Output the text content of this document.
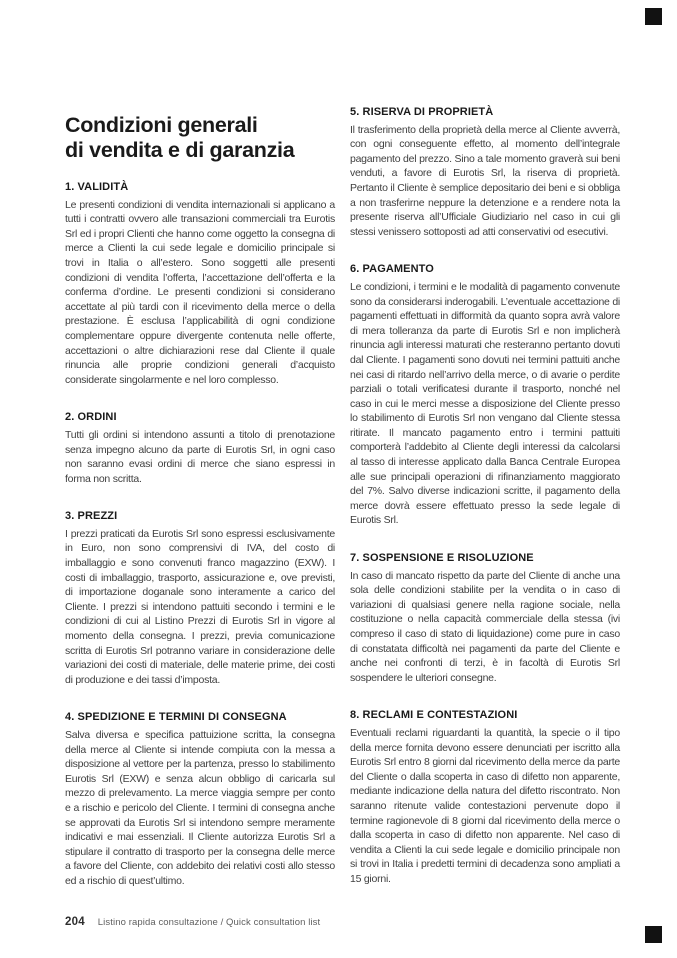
Condizioni generali
di vendita e di garanzia
1. VALIDITÀ

Le presenti condizioni di vendita internazionali si applicano a tutti i contratti ovvero alle transazioni commerciali tra Eurotis Srl ed i propri Clienti che hanno come oggetto la consegna di merce a Clienti la cui sede legale e domicilio principale si trovi in Italia o all’estero. Sono soggetti alle presenti condizioni di vendita l’offerta, l’accettazione dell’offerta e la conferma d’ordine. Le presenti condizioni si considerano accettate al più tardi con il ricevimento della merce o della prestazione. È esclusa l’applicabilità di ogni condizione complementare oppure divergente contenuta nelle offerte, accettazioni o altre dichiarazioni rese dal Cliente il quale rinuncia alle proprie condizioni generali d’acquisto considerate singolarmente e nel loro complesso.

2. ORDINI

Tutti gli ordini si intendono assunti a titolo di prenotazione senza impegno alcuno da parte di Eurotis Srl, in ogni caso non saranno evasi ordini di merce che siano espressi in forma non scritta.

3. PREZZI

I prezzi praticati da Eurotis Srl sono espressi esclusivamente in Euro, non sono comprensivi di IVA, del costo di imballaggio e sono convenuti franco magazzino (EXW). I costi di imballaggio, trasporto, assicurazione e, ove previsti, di importazione doganale sono interamente a carico del Cliente. I prezzi si intendono pattuiti secondo i termini e le condizioni di cui al Listino Prezzi di Eurotis Srl in vigore al momento della consegna. I prezzi, previa comunicazione scritta di Eurotis Srl potranno variare in considerazione delle variazioni dei costi di materiale, delle materie prime, dei costi di produzione e dei tassi d’imposta.

4. SPEDIZIONE E TERMINI DI CONSEGNA

Salva diversa e specifica pattuizione scritta, la consegna della merce al Cliente si intende compiuta con la messa a disposizione al vettore per la partenza, presso lo stabilimento Eurotis Srl (EXW) e senza alcun obbligo di caricarla sul mezzo di prelevamento. La merce viaggia sempre per conto e a rischio e pericolo del Cliente. I termini di consegna anche se approvati da Eurotis Srl si intendono sempre meramente indicativi e mai essenziali. Il Cliente autorizza Eurotis Srl a stipulare il contratto di trasporto per la consegna delle merce a favore del Cliente, con addebito dei relativi costi allo stesso ed a rischio di quest’ultimo.

5. RISERVA DI PROPRIETÀ

Il trasferimento della proprietà della merce al Cliente avverrà, con ogni conseguente effetto, al momento dell’integrale pagamento del prezzo. Sino a tale momento graverà sui beni venduti, a favore di Eurotis Srl, la riserva di proprietà. Pertanto il Cliente è semplice depositario dei beni e si obbliga a non trasferirne neppure la detenzione e a rendere nota la presente riserva all’Ufficiale Giudiziario nel caso in cui gli stessi venissero sottoposti ad atti conservativi od esecutivi.

6. PAGAMENTO

Le condizioni, i termini e le modalità di pagamento convenute sono da considerarsi inderogabili. L’eventuale accettazione di pagamenti effettuati in difformità da quanto sopra avrà valore di mera tolleranza da parte di Eurotis Srl e non implicherà rinuncia agli interessi maturati che resteranno pertanto dovuti dal Cliente. I pagamenti sono dovuti nei termini pattuiti anche nei casi di ritardo nell’arrivo della merce, o di avarie o perdite parziali o totali verificatesi durante il trasporto, nonché nel caso in cui le merci messe a disposizione del Cliente presso lo stabilimento di Eurotis Srl non vengano dal Cliente stessa ritirate. Il mancato pagamento entro i termini pattuiti comporterà l’addebito al Cliente degli interessi da calcolarsi al tasso di interesse applicato dalla Banca Centrale Europea alle sue principali operazioni di rifinanziamento maggiorato del 7%. Salvo diverse indicazioni scritte, il pagamento della merce dovrà essere effettuato presso la sede legale di Eurotis Srl.

7. SOSPENSIONE E RISOLUZIONE

In caso di mancato rispetto da parte del Cliente di anche una sola delle condizioni stabilite per la vendita o in caso di variazioni di qualsiasi genere nella ragione sociale, nella costituzione o nella capacità commerciale della stessa (ivi compreso il caso di stato di liquidazione) come pure in caso di constatata difficoltà nei pagamenti da parte del Cliente e anche nei confronti di terzi, è in facoltà di Eurotis Srl sospendere le ulteriori consegne.

8. RECLAMI E CONTESTAZIONI

Eventuali reclami riguardanti la quantità, la specie o il tipo della merce fornita devono essere denunciati per iscritto alla Eurotis Srl entro 8 giorni dal ricevimento della merce da parte del Cliente o dalla scoperta in caso di difetto non apparente, mediante indicazione della natura del difetto riscontrato. Non saranno ritenute valide contestazioni pervenute dopo il termine ragionevole di 8 giorni dal ricevimento della merce o dalla scoperta in caso di difetto non apparente. Nel caso di vendita a Clienti la cui sede legale e domicilio principale non si trovi in Italia i predetti termini di decadenza sono ampliati a 15 giorni.

204 Listino rapida consultazione / Quick consultation list
